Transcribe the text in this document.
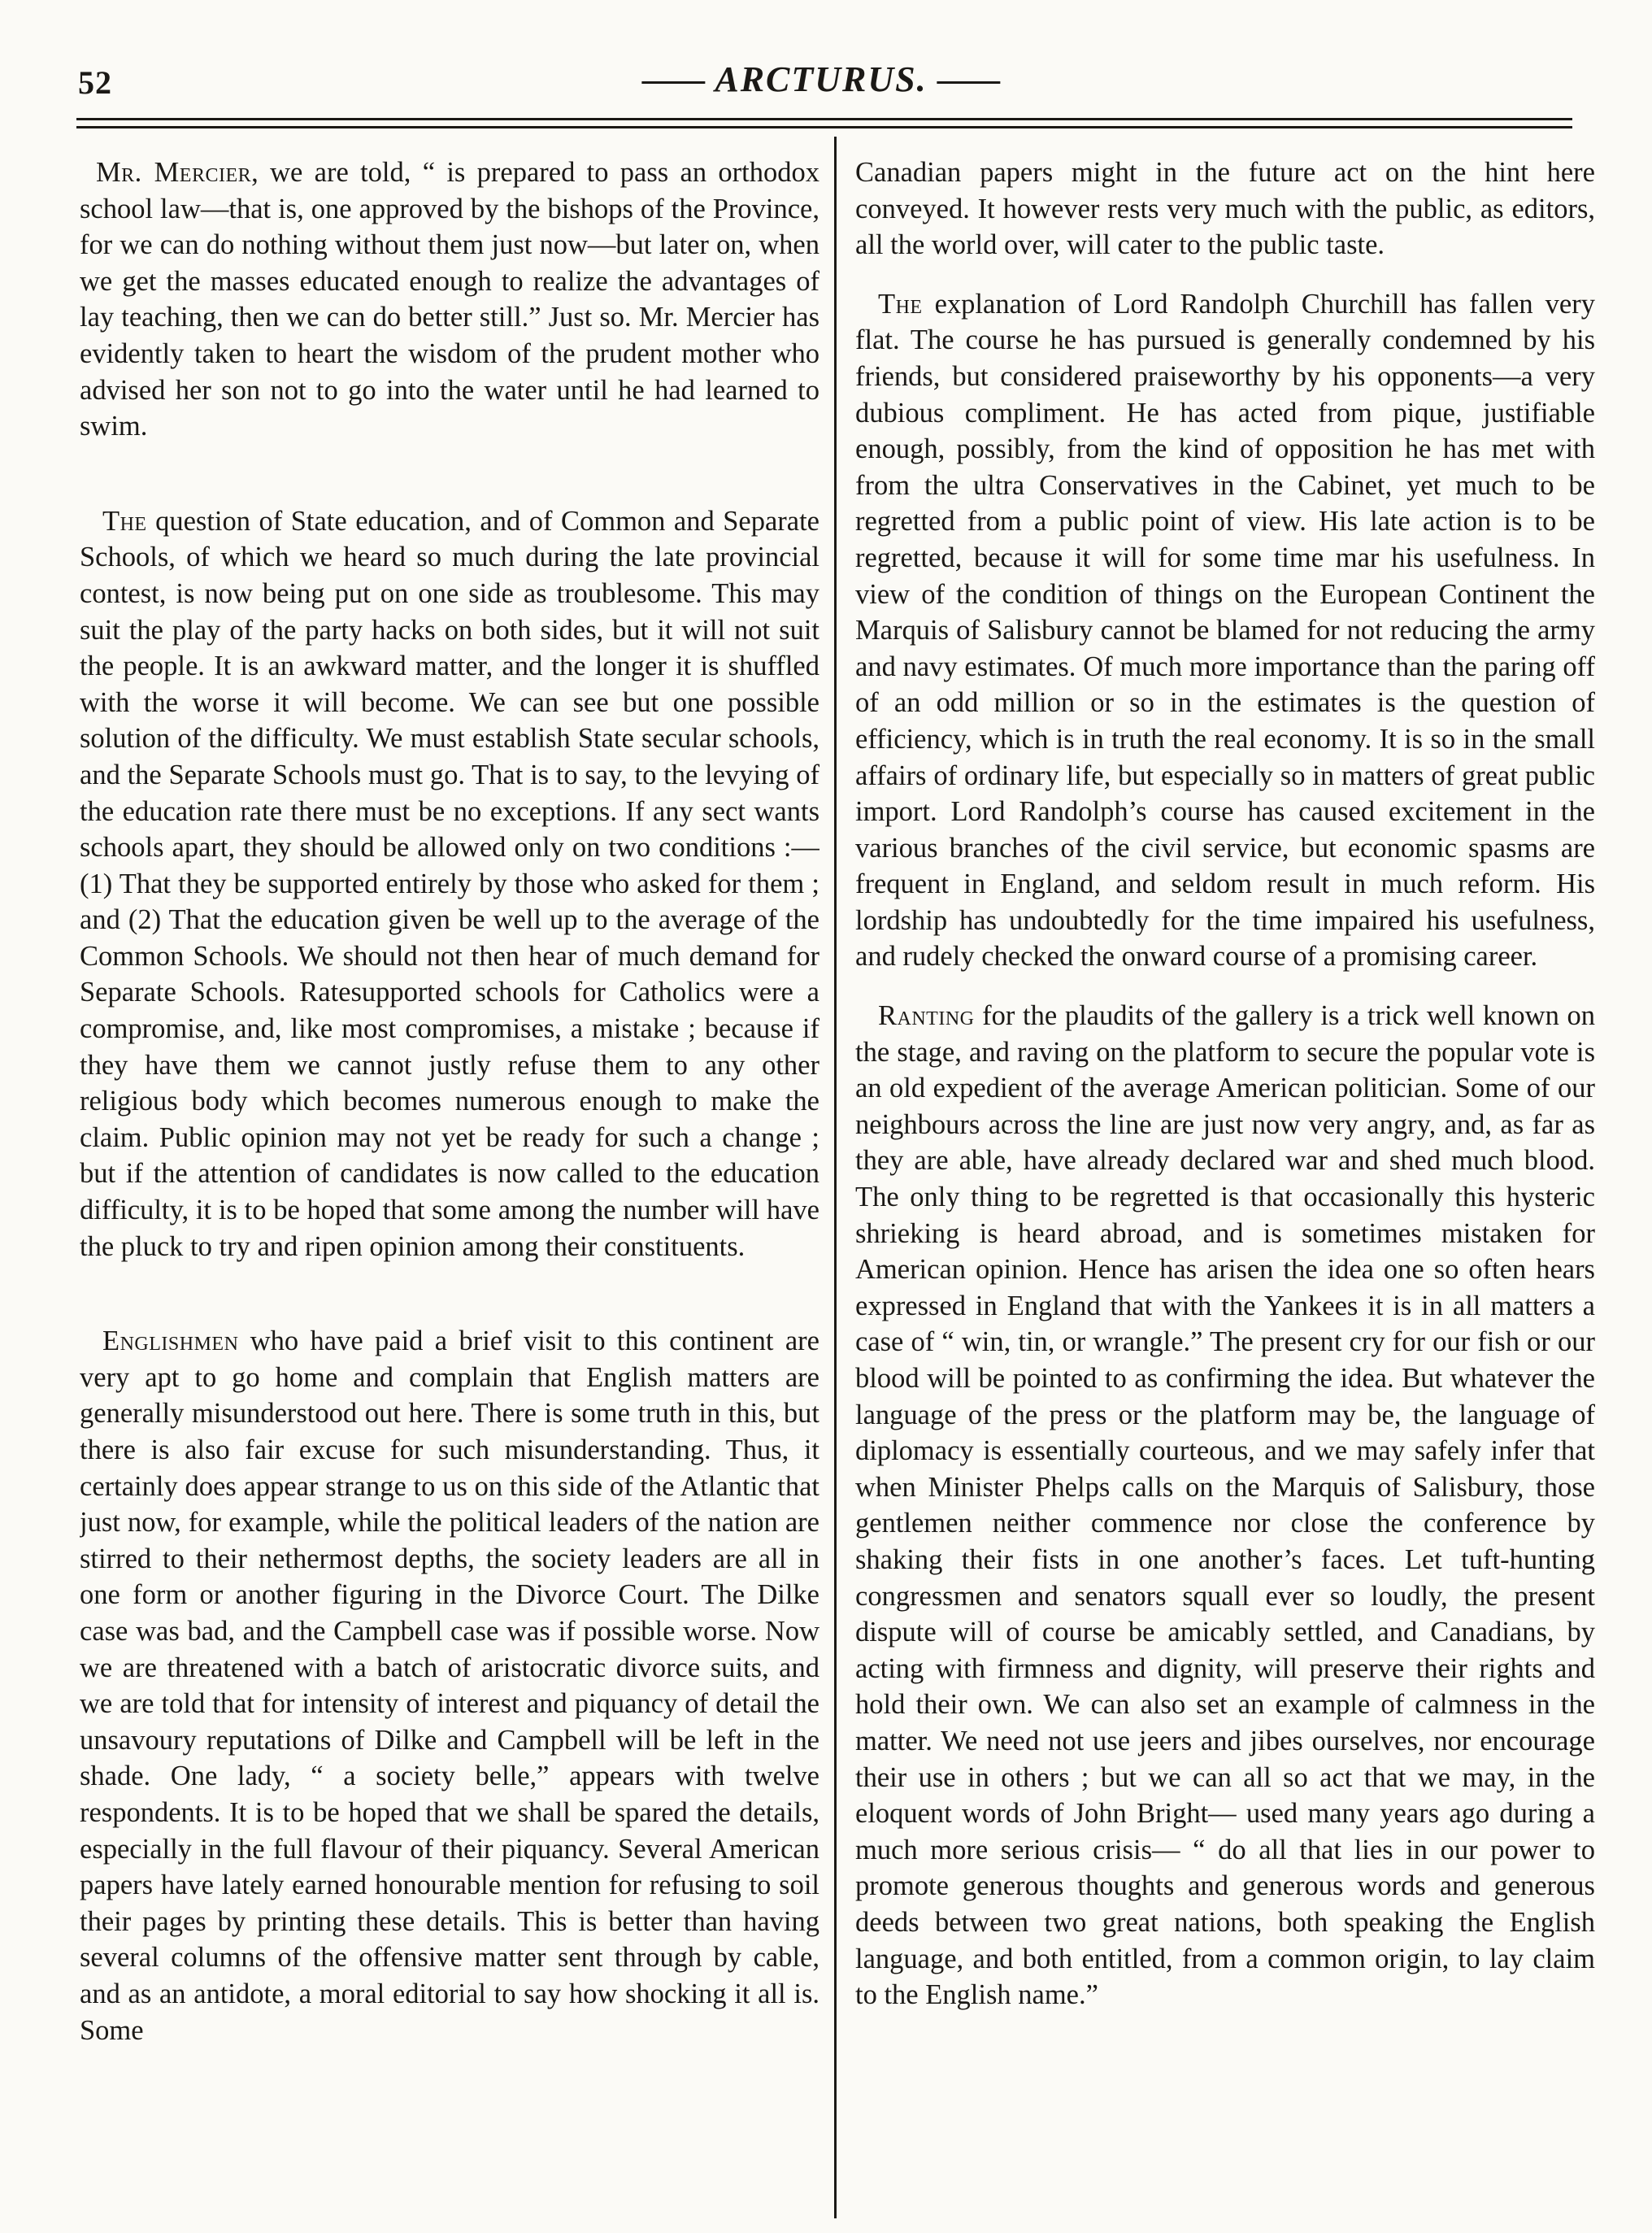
52	ARCTURUS.

Mr. Mercier, we are told, “ is prepared to pass an orthodox school law—that is, one approved by the bishops of the Province, for we can do nothing without them just now—but later on, when we get the masses educated enough to realize the advantages of lay teaching, then we can do better still.” Just so. Mr. Mercier has evidently taken to heart the wisdom of the prudent mother who advised her son not to go into the water until he had learned to swim.

The question of State education, and of Common and Separate Schools, of which we heard so much during the late provincial contest, is now being put on one side as troublesome. This may suit the play of the party hacks on both sides, but it will not suit the people. It is an awkward matter, and the longer it is shuffled with the worse it will become. We can see but one possible solution of the difficulty. We must establish State secular schools, and the Separate Schools must go. That is to say, to the levying of the education rate there must be no exceptions. If any sect wants schools apart, they should be allowed only on two conditions :—(1) That they be supported entirely by those who asked for them ; and (2) That the education given be well up to the average of the Common Schools. We should not then hear of much demand for Separate Schools. Ratesupported schools for Catholics were a compromise, and, like most compromises, a mistake ; because if they have them we cannot justly refuse them to any other religious body which becomes numerous enough to make the claim. Public opinion may not yet be ready for such a change ; but if the attention of candidates is now called to the education difficulty, it is to be hoped that some among the number will have the pluck to try and ripen opinion among their constituents.

Englishmen who have paid a brief visit to this continent are very apt to go home and complain that English matters are generally misunderstood out here. There is some truth in this, but there is also fair excuse for such misunderstanding. Thus, it certainly does appear strange to us on this side of the Atlantic that just now, for example, while the political leaders of the nation are stirred to their nethermost depths, the society leaders are all in one form or another figuring in the Divorce Court. The Dilke case was bad, and the Campbell case was if possible worse. Now we are threatened with a batch of aristocratic divorce suits, and we are told that for intensity of interest and piquancy of detail the unsavoury reputations of Dilke and Campbell will be left in the shade. One lady, “ a society belle,” appears with twelve respondents. It is to be hoped that we shall be spared the details, especially in the full flavour of their piquancy. Several American papers have lately earned honourable mention for refusing to soil their pages by printing these details. This is better than having several columns of the offensive matter sent through by cable, and as an antidote, a moral editorial to say how shocking it all is. Some

Canadian papers might in the future act on the hint here conveyed. It however rests very much with the public, as editors, all the world over, will cater to the public taste.

The explanation of Lord Randolph Churchill has fallen very flat. The course he has pursued is generally condemned by his friends, but considered praiseworthy by his opponents—a very dubious compliment. He has acted from pique, justifiable enough, possibly, from the kind of opposition he has met with from the ultra Conservatives in the Cabinet, yet much to be regretted from a public point of view. His late action is to be regretted, because it will for some time mar his usefulness. In view of the condition of things on the European Continent the Marquis of Salisbury cannot be blamed for not reducing the army and navy estimates. Of much more importance than the paring off of an odd million or so in the estimates is the question of efficiency, which is in truth the real economy. It is so in the small affairs of ordinary life, but especially so in matters of great public import. Lord Randolph’s course has caused excitement in the various branches of the civil service, but economic spasms are frequent in England, and seldom result in much reform. His lordship has undoubtedly for the time impaired his usefulness, and rudely checked the onward course of a promising career.

Ranting for the plaudits of the gallery is a trick well known on the stage, and raving on the platform to secure the popular vote is an old expedient of the average American politician. Some of our neighbours across the line are just now very angry, and, as far as they are able, have already declared war and shed much blood. The only thing to be regretted is that occasionally this hysteric shrieking is heard abroad, and is sometimes mistaken for American opinion. Hence has arisen the idea one so often hears expressed in England that with the Yankees it is in all matters a case of “ win, tin, or wrangle.” The present cry for our fish or our blood will be pointed to as confirming the idea. But whatever the language of the press or the platform may be, the language of diplomacy is essentially courteous, and we may safely infer that when Minister Phelps calls on the Marquis of Salisbury, those gentlemen neither commence nor close the conference by shaking their fists in one another’s faces. Let tuft-hunting congressmen and senators squall ever so loudly, the present dispute will of course be amicably settled, and Canadians, by acting with firmness and dignity, will preserve their rights and hold their own. We can also set an example of calmness in the matter. We need not use jeers and jibes ourselves, nor encourage their use in others ; but we can all so act that we may, in the eloquent words of John Bright— used many years ago during a much more serious crisis— “ do all that lies in our power to promote generous thoughts and generous words and generous deeds between two great nations, both speaking the English language, and both entitled, from a common origin, to lay claim to the English name.”
